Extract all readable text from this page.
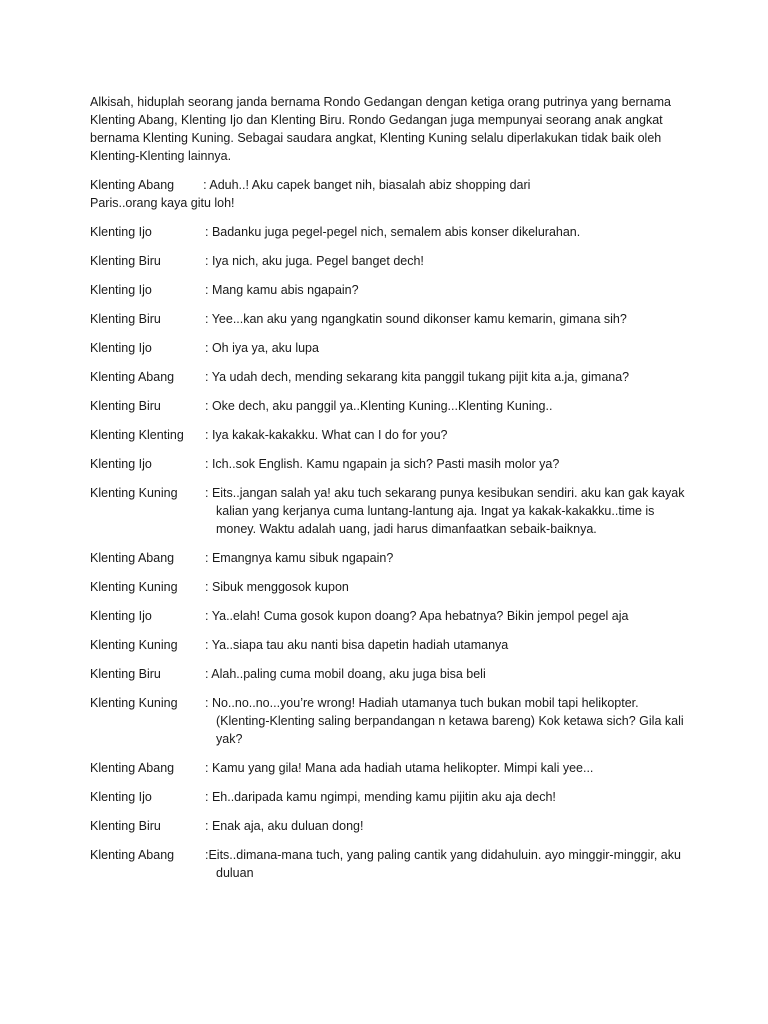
Alkisah, hiduplah seorang janda bernama Rondo Gedangan dengan ketiga orang putrinya yang bernama Klenting Abang, Klenting Ijo dan Klenting Biru. Rondo Gedangan juga mempunyai seorang anak angkat bernama Klenting Kuning. Sebagai saudara angkat, Klenting Kuning selalu diperlakukan tidak baik oleh Klenting-Klenting lainnya.

Klenting Abang : Aduh..! Aku capek banget nih, biasalah abiz shopping dari Paris..orang kaya gitu loh!
Klenting Ijo	: Badanku juga pegel-pegel nich, semalem abis konser dikelurahan.
Klenting Biru	: Iya nich, aku juga. Pegel banget dech!
Klenting Ijo	: Mang kamu abis ngapain?
Klenting Biru	: Yee...kan aku yang ngangkatin sound dikonser kamu kemarin, gimana sih?
Klenting Ijo	: Oh iya ya, aku lupa
Klenting Abang : Ya udah dech, mending sekarang kita panggil tukang pijit kita a.ja, gimana?
Klenting Biru	: Oke dech, aku panggil ya..Klenting Kuning...Klenting Kuning..
Klenting Klenting : Iya kakak-kakakku. What can I do for you?
Klenting Ijo	: Ich..sok English. Kamu ngapain ja sich? Pasti masih molor ya?
Klenting Kuning : Eits..jangan salah ya! aku tuch sekarang punya kesibukan sendiri. aku kan gak kayak kalian yang kerjanya cuma luntang-lantung aja. Ingat ya kakak-kakakku..time is money. Waktu adalah uang, jadi harus dimanfaatkan sebaik-baiknya.
Klenting Abang : Emangnya kamu sibuk ngapain?
Klenting Kuning : Sibuk menggosok kupon
Klenting Ijo	: Ya..elah! Cuma gosok kupon doang? Apa hebatnya? Bikin jempol pegel aja
Klenting Kuning : Ya..siapa tau aku nanti bisa dapetin hadiah utamanya
Klenting Biru	: Alah..paling cuma mobil doang, aku juga bisa beli
Klenting Kuning : No..no..no...you’re wrong! Hadiah utamanya tuch bukan mobil tapi helikopter. (Klenting-Klenting saling berpandangan n ketawa bareng) Kok ketawa sich? Gila kali yak?
Klenting Abang : Kamu yang gila! Mana ada hadiah utama helikopter. Mimpi kali yee...
Klenting Ijo	: Eh..daripada kamu ngimpi, mending kamu pijitin aku aja dech!
Klenting Biru	: Enak aja, aku duluan dong!
Klenting Abang :Eits..dimana-mana tuch, yang paling cantik yang didahuluin. ayo minggir-minggir, aku duluan
